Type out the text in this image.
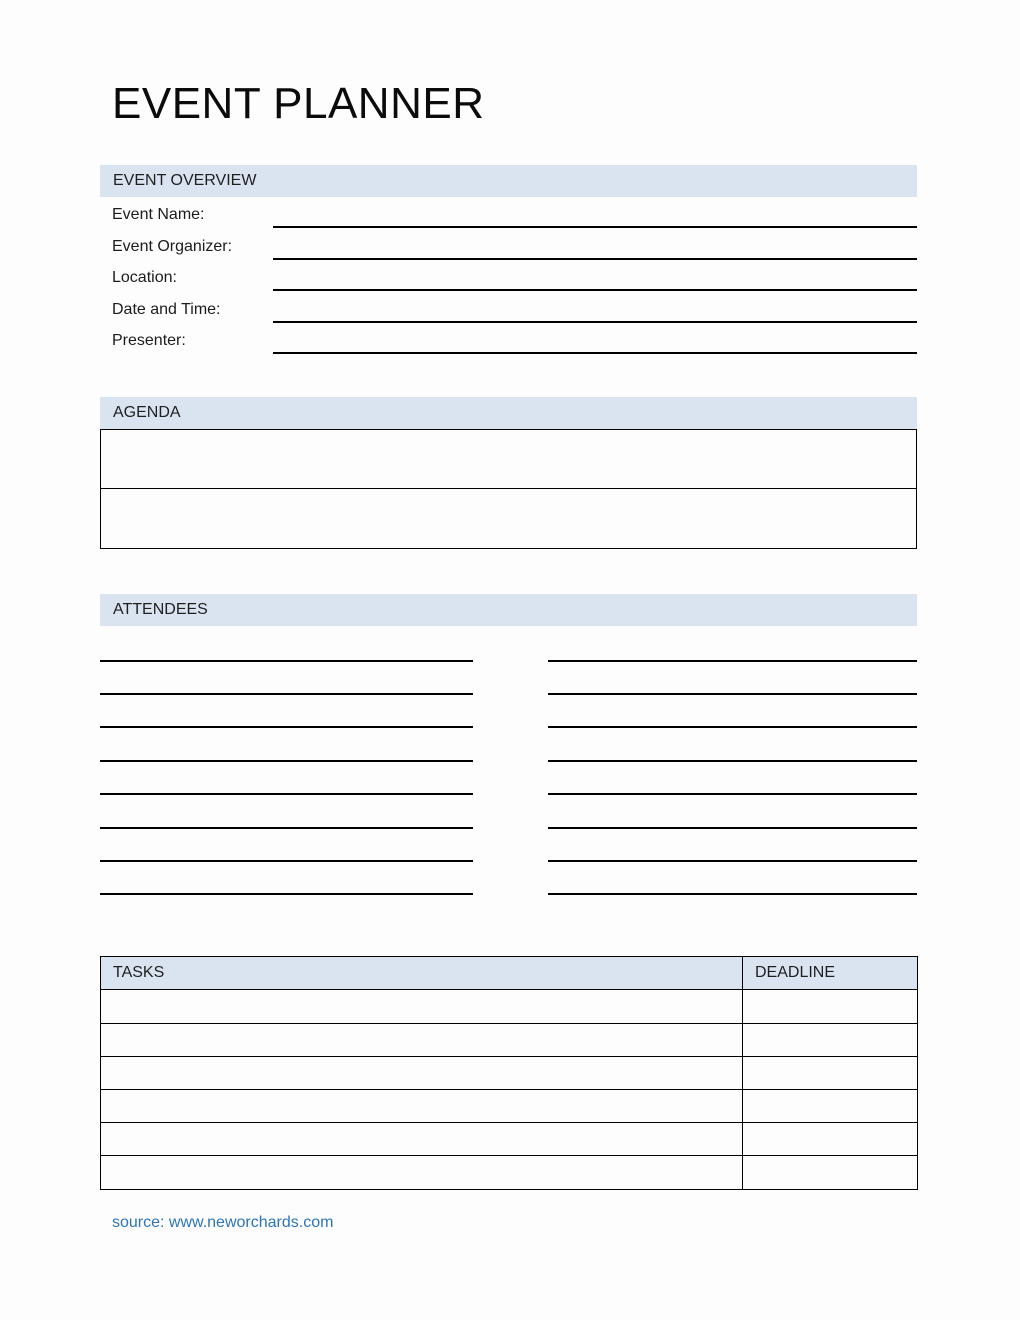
EVENT PLANNER
EVENT OVERVIEW
Event Name:
Event Organizer:
Location:
Date and Time:
Presenter:
AGENDA
ATTENDEES
TASKS	DEADLINE

source: www.neworchards.com
